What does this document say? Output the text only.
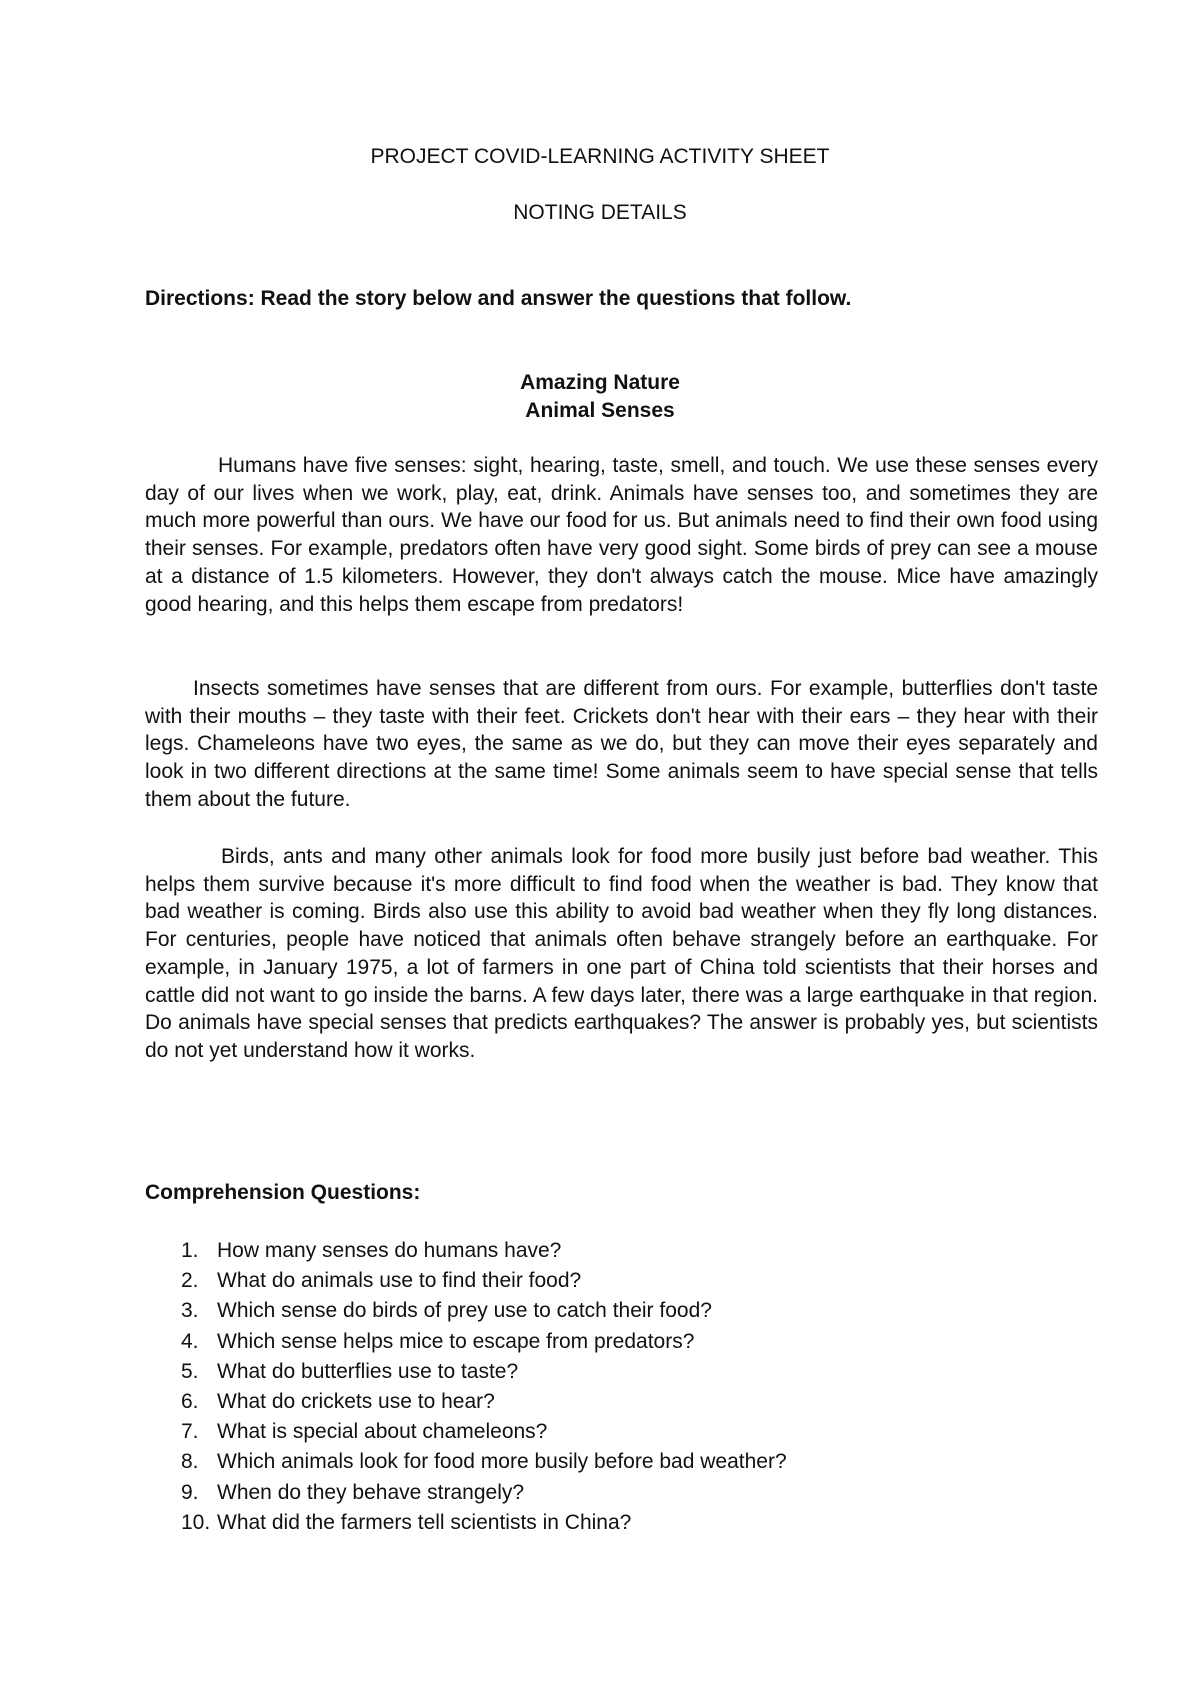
PROJECT COVID-LEARNING ACTIVITY SHEET
NOTING DETAILS

Directions: Read the story below and answer the questions that follow.

Amazing Nature
Animal Senses

Humans have five senses: sight, hearing, taste, smell, and touch. We use these senses every day of our lives when we work, play, eat, drink. Animals have senses too, and sometimes they are much more powerful than ours. We have our food for us. But animals need to find their own food using their senses. For example, predators often have very good sight. Some birds of prey can see a mouse at a distance of 1.5 kilometers. However, they don't always catch the mouse. Mice have amazingly good hearing, and this helps them escape from predators!

Insects sometimes have senses that are different from ours. For example, butterflies don't taste with their mouths – they taste with their feet. Crickets don't hear with their ears – they hear with their legs. Chameleons have two eyes, the same as we do, but they can move their eyes separately and look in two different directions at the same time! Some animals seem to have special sense that tells them about the future.

Birds, ants and many other animals look for food more busily just before bad weather. This helps them survive because it's more difficult to find food when the weather is bad. They know that bad weather is coming. Birds also use this ability to avoid bad weather when they fly long distances. For centuries, people have noticed that animals often behave strangely before an earthquake. For example, in January 1975, a lot of farmers in one part of China told scientists that their horses and cattle did not want to go inside the barns. A few days later, there was a large earthquake in that region. Do animals have special senses that predicts earthquakes? The answer is probably yes, but scientists do not yet understand how it works.

Comprehension Questions:

1. How many senses do humans have?
2. What do animals use to find their food?
3. Which sense do birds of prey use to catch their food?
4. Which sense helps mice to escape from predators?
5. What do butterflies use to taste?
6. What do crickets use to hear?
7. What is special about chameleons?
8. Which animals look for food more busily before bad weather?
9. When do they behave strangely?
10. What did the farmers tell scientists in China?
